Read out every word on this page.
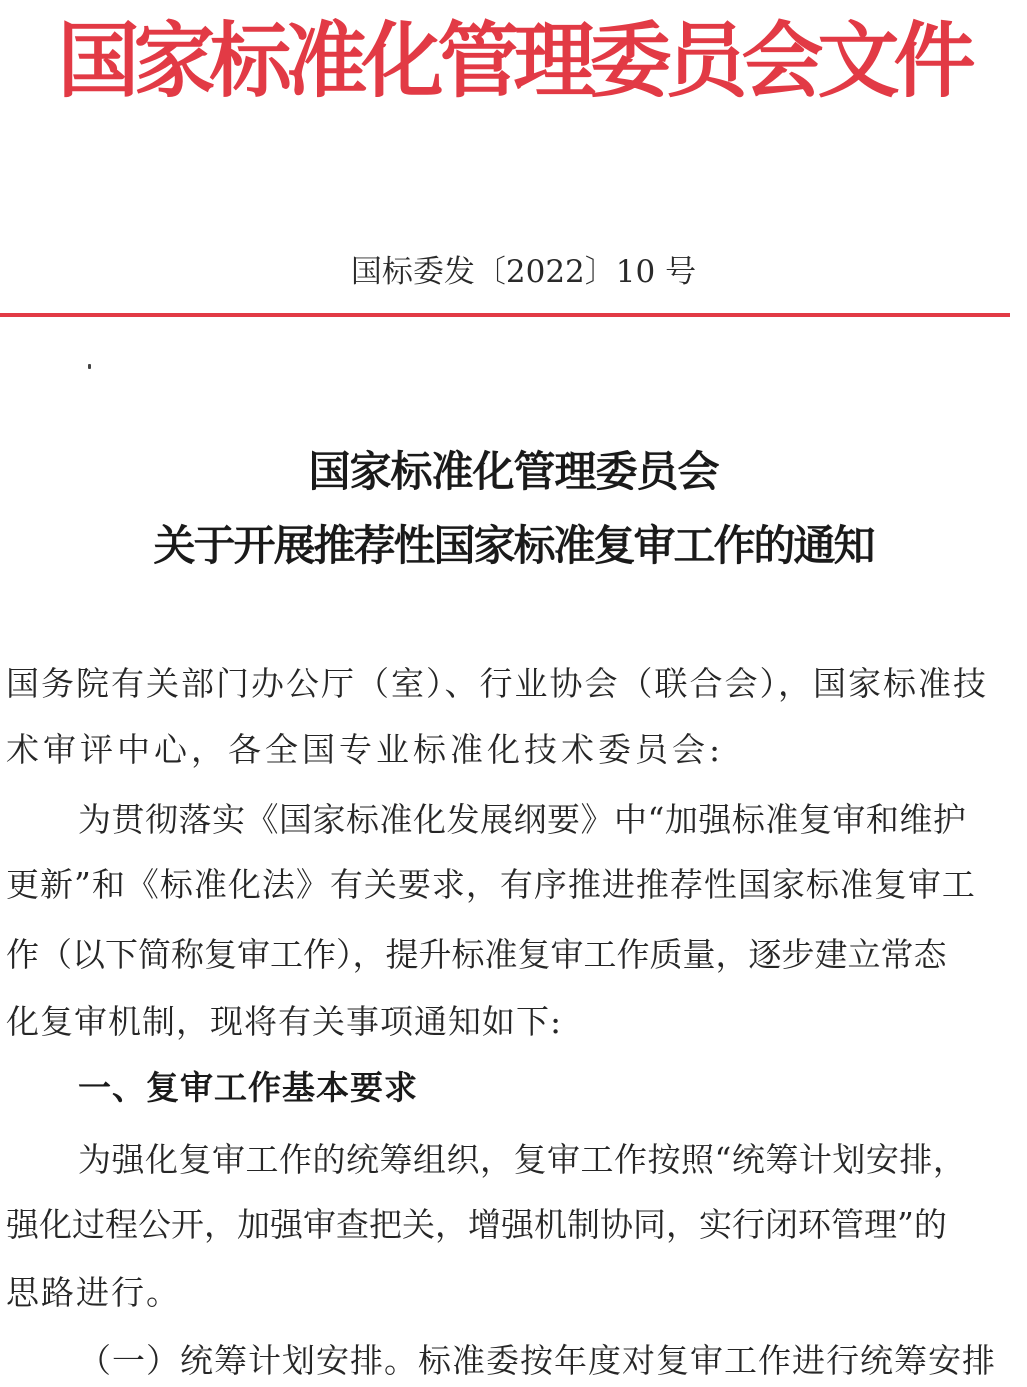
国家标准化管理委员会文件
国标委发〔2022〕10 号
国家标准化管理委员会
关于开展推荐性国家标准复审工作的通知
国务院有关部门办公厅（室）、行业协会（联合会），国家标准技
术审评中心，各全国专业标准化技术委员会:
为贯彻落实《国家标准化发展纲要》中“加强标准复审和维护
更新”和《标准化法》有关要求，有序推进推荐性国家标准复审工
作（以下简称复审工作），提升标准复审工作质量，逐步建立常态
化复审机制，现将有关事项通知如下:
一、复审工作基本要求
为强化复审工作的统筹组织，复审工作按照“统筹计划安排，
强化过程公开，加强审查把关，增强机制协同，实行闭环管理”的
思路进行。
（一）统筹计划安排。标准委按年度对复审工作进行统筹安排
